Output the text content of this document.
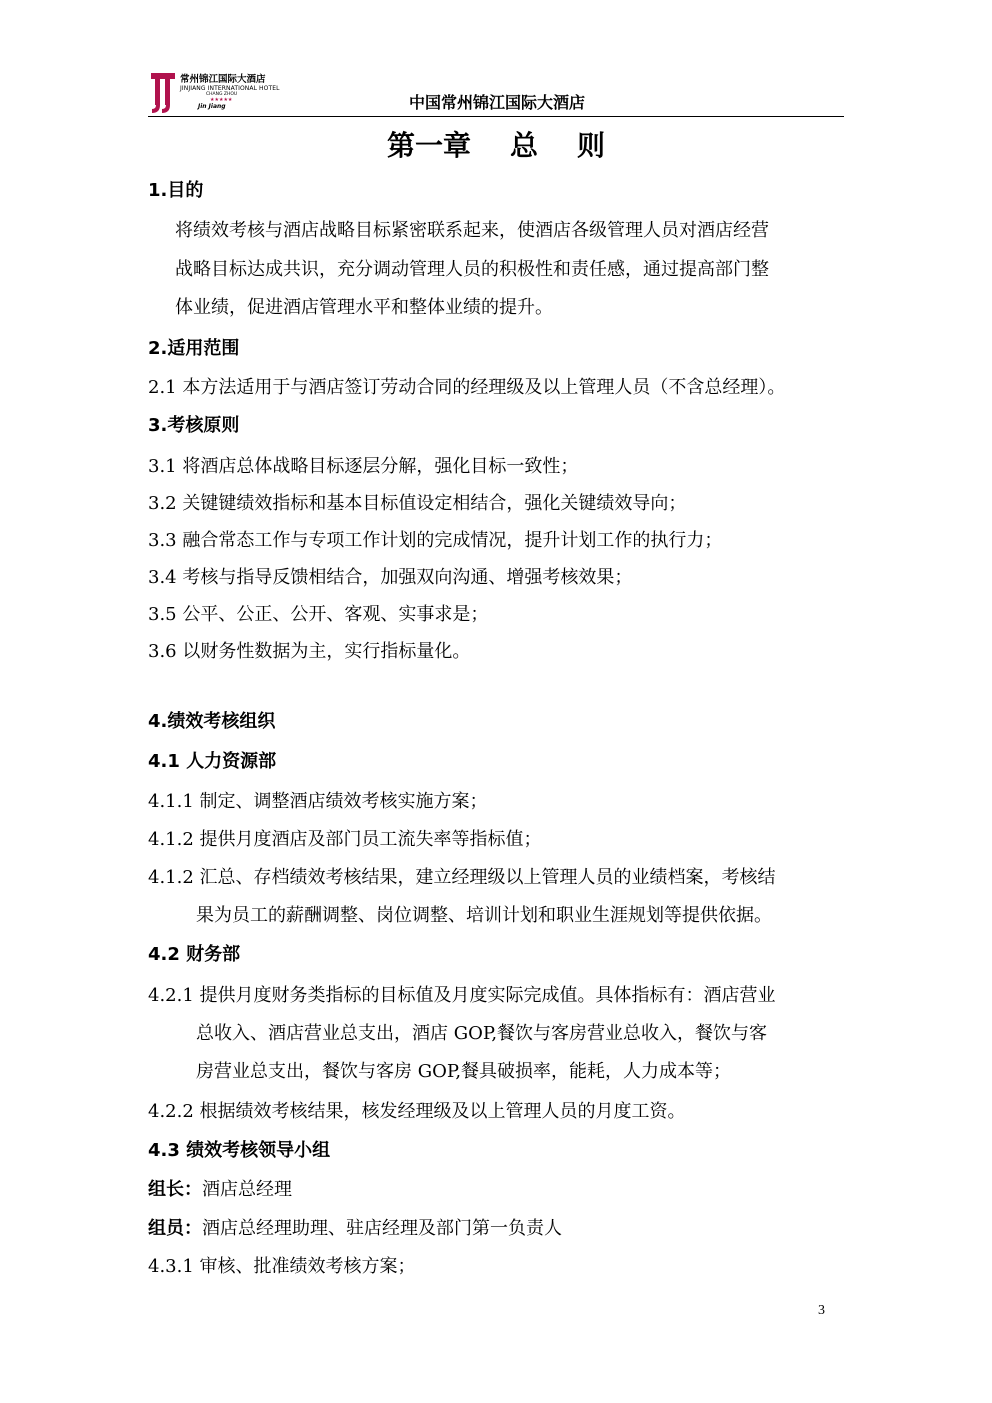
常州锦江国际大酒店
JINJIANG INTERNATIONAL HOTEL
CHANG ZHOU
★★★★★
Jin Jiang	中国常州锦江国际大酒店
第一章    总    则
1.目的
将绩效考核与酒店战略目标紧密联系起来，使酒店各级管理人员对酒店经营
战略目标达成共识，充分调动管理人员的积极性和责任感，通过提高部门整
体业绩，促进酒店管理水平和整体业绩的提升。
2.适用范围
2.1 本方法适用于与酒店签订劳动合同的经理级及以上管理人员（不含总经理）。
3.考核原则
3.1 将酒店总体战略目标逐层分解，强化目标一致性；
3.2 关键键绩效指标和基本目标值设定相结合，强化关键绩效导向；
3.3 融合常态工作与专项工作计划的完成情况，提升计划工作的执行力；
3.4 考核与指导反馈相结合，加强双向沟通、增强考核效果；
3.5 公平、公正、公开、客观、实事求是；
3.6 以财务性数据为主，实行指标量化。
4.绩效考核组织
4.1 人力资源部
4.1.1 制定、调整酒店绩效考核实施方案；
4.1.2 提供月度酒店及部门员工流失率等指标值；
4.1.2 汇总、存档绩效考核结果，建立经理级以上管理人员的业绩档案，考核结
果为员工的薪酬调整、岗位调整、培训计划和职业生涯规划等提供依据。
4.2 财务部
4.2.1 提供月度财务类指标的目标值及月度实际完成值。具体指标有：酒店营业
总收入、酒店营业总支出，酒店 GOP,餐饮与客房营业总收入，餐饮与客
房营业总支出，餐饮与客房 GOP,餐具破损率，能耗，人力成本等；
4.2.2 根据绩效考核结果，核发经理级及以上管理人员的月度工资。
4.3 绩效考核领导小组
组长：酒店总经理
组员：酒店总经理助理、驻店经理及部门第一负责人
4.3.1 审核、批准绩效考核方案；
3
